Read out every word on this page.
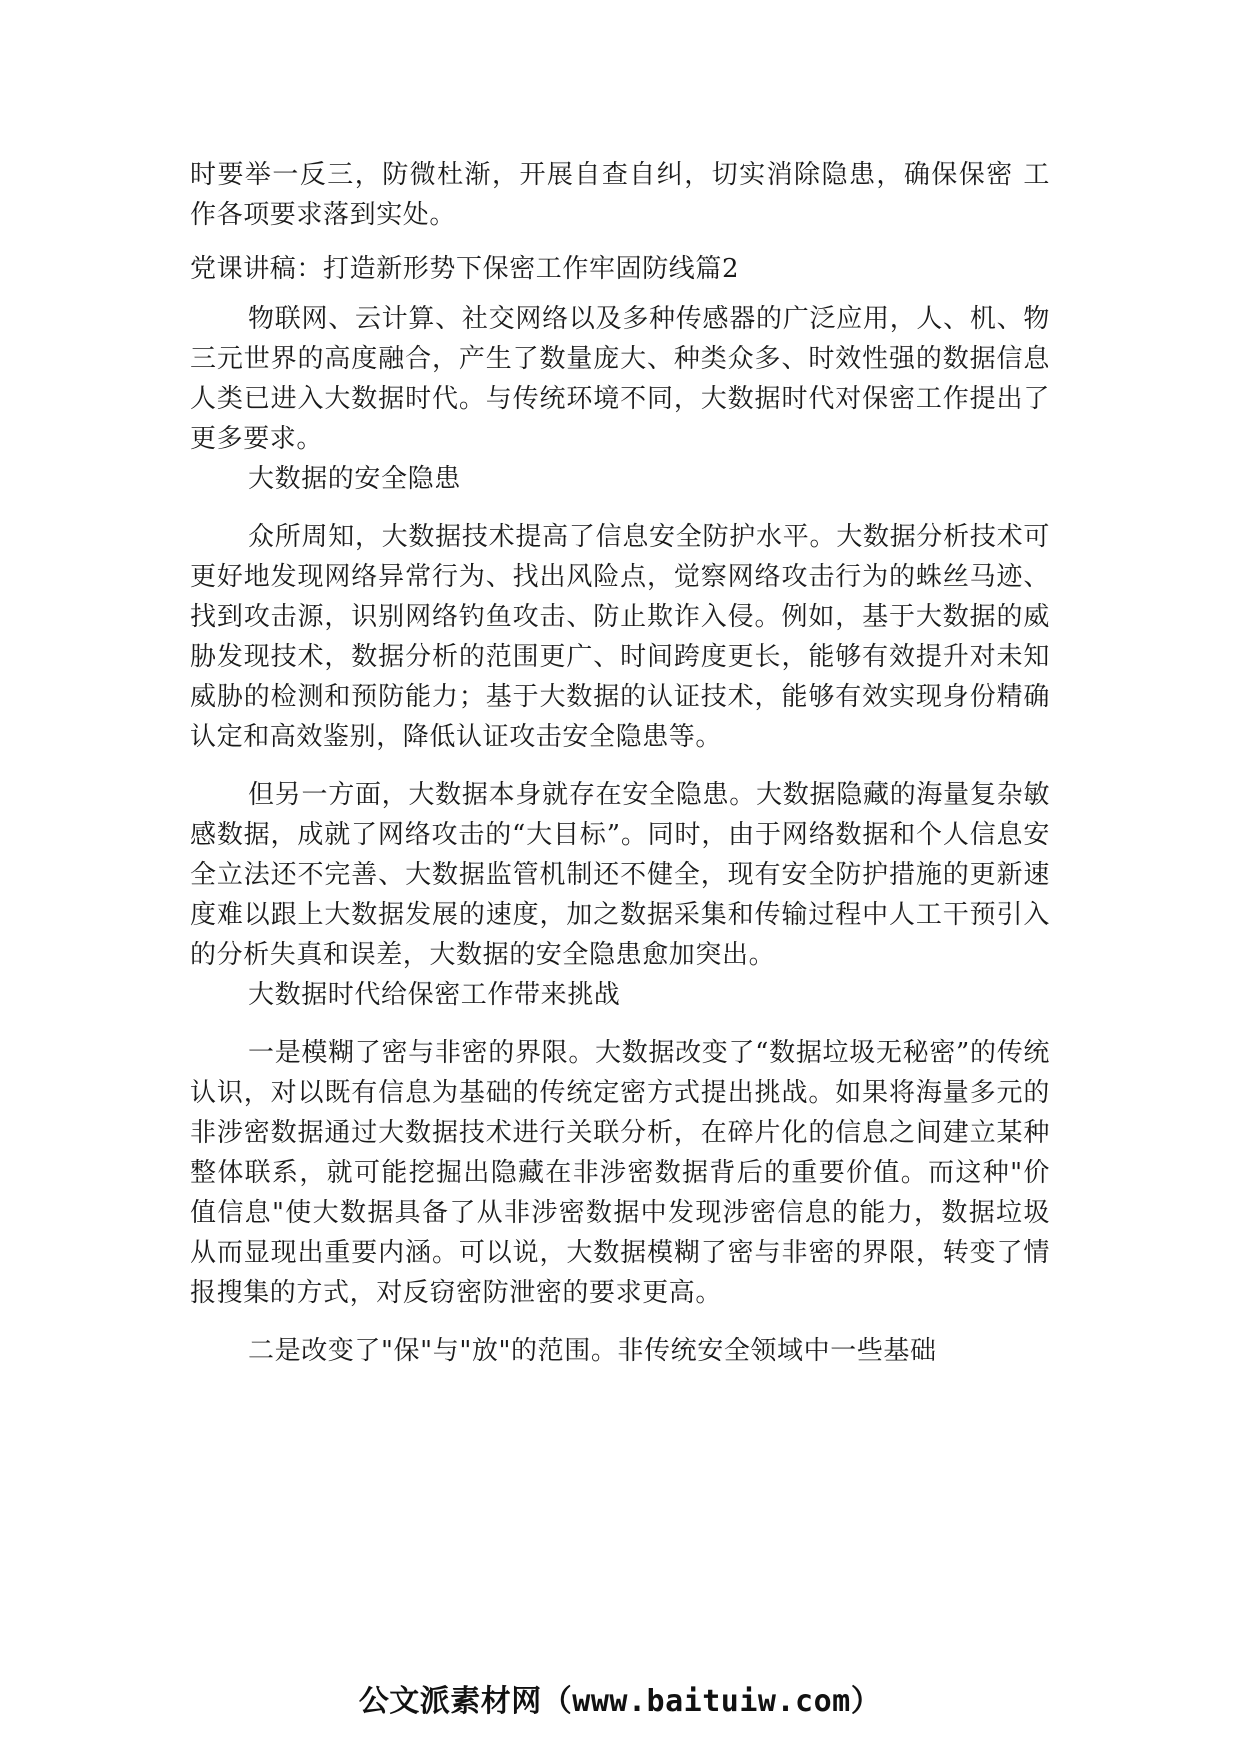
时要举一反三，防微杜渐，开展自查自纠，切实消除隐患，确保保密 工作各项要求落到实处。

党课讲稿：打造新形势下保密工作牢固防线篇2

物联网、云计算、社交网络以及多种传感器的广泛应用，人、机、物三元世界的高度融合，产生了数量庞大、种类众多、时效性强的数据信息人类已进入大数据时代。与传统环境不同，大数据时代对保密工作提出了更多要求。

大数据的安全隐患

众所周知，大数据技术提高了信息安全防护水平。大数据分析技术可更好地发现网络异常行为、找出风险点，觉察网络攻击行为的蛛丝马迹、找到攻击源，识别网络钓鱼攻击、防止欺诈入侵。例如，基于大数据的威胁发现技术，数据分析的范围更广、时间跨度更长，能够有效提升对未知威胁的检测和预防能力；基于大数据的认证技术，能够有效实现身份精确认定和高效鉴别，降低认证攻击安全隐患等。

但另一方面，大数据本身就存在安全隐患。大数据隐藏的海量复杂敏感数据，成就了网络攻击的“大目标”。同时，由于网络数据和个人信息安全立法还不完善、大数据监管机制还不健全，现有安全防护措施的更新速度难以跟上大数据发展的速度，加之数据采集和传输过程中人工干预引入的分析失真和误差，大数据的安全隐患愈加突出。

大数据时代给保密工作带来挑战

一是模糊了密与非密的界限。大数据改变了“数据垃圾无秘密”的传统认识，对以既有信息为基础的传统定密方式提出挑战。如果将海量多元的非涉密数据通过大数据技术进行关联分析，在碎片化的信息之间建立某种整体联系，就可能挖掘出隐藏在非涉密数据背后的重要价值。而这种"价值信息"使大数据具备了从非涉密数据中发现涉密信息的能力，数据垃圾从而显现出重要内涵。可以说，大数据模糊了密与非密的界限，转变了情报搜集的方式，对反窃密防泄密的要求更高。

二是改变了"保"与"放"的范围。非传统安全领域中一些基础

公文派素材网（www.baituiw.com）
